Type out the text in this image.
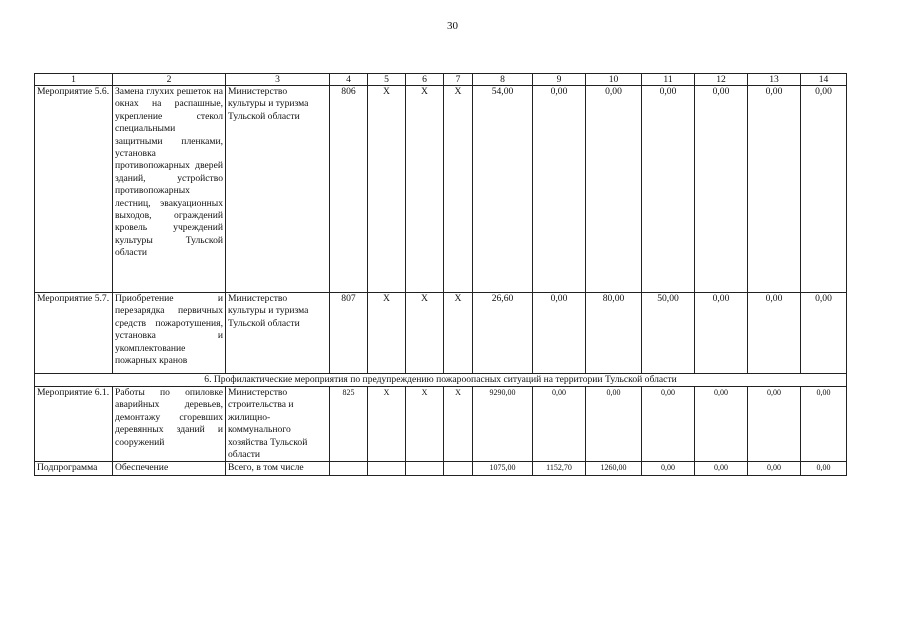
30
1	2	3	4	5	6	7	8	9	10	11	12	13	14
Мероприятие 5.6.	Замена глухих решеток на окнах на распашные, укрепление стекол специальными защитными пленками, установка противопожарных дверей зданий, устройство противопожарных лестниц, эвакуационных выходов, ограждений кровель учреждений культуры Тульской области	Министерство культуры и туризма Тульской области	806	X	X	X	54,00	0,00	0,00	0,00	0,00	0,00	0,00
Мероприятие 5.7.	Приобретение и перезарядка первичных средств пожаротушения, установка и укомплектование пожарных кранов	Министерство культуры и туризма Тульской области	807	X	X	X	26,60	0,00	80,00	50,00	0,00	0,00	0,00
6. Профилактические мероприятия по предупреждению пожароопасных ситуаций на территории Тульской области													
Мероприятие 6.1.	Работы по опиловке аварийных деревьев, демонтажу сгоревших деревянных зданий и сооружений	Министерство строительства и жилищно-коммунального хозяйства Тульской области	825	X	X	X	9290,00	0,00	0,00	0,00	0,00	0,00	0,00
Подпрограмма	Обеспечение	Всего, в том числе					1075,00	1152,70	1260,00	0,00	0,00	0,00	0,00
